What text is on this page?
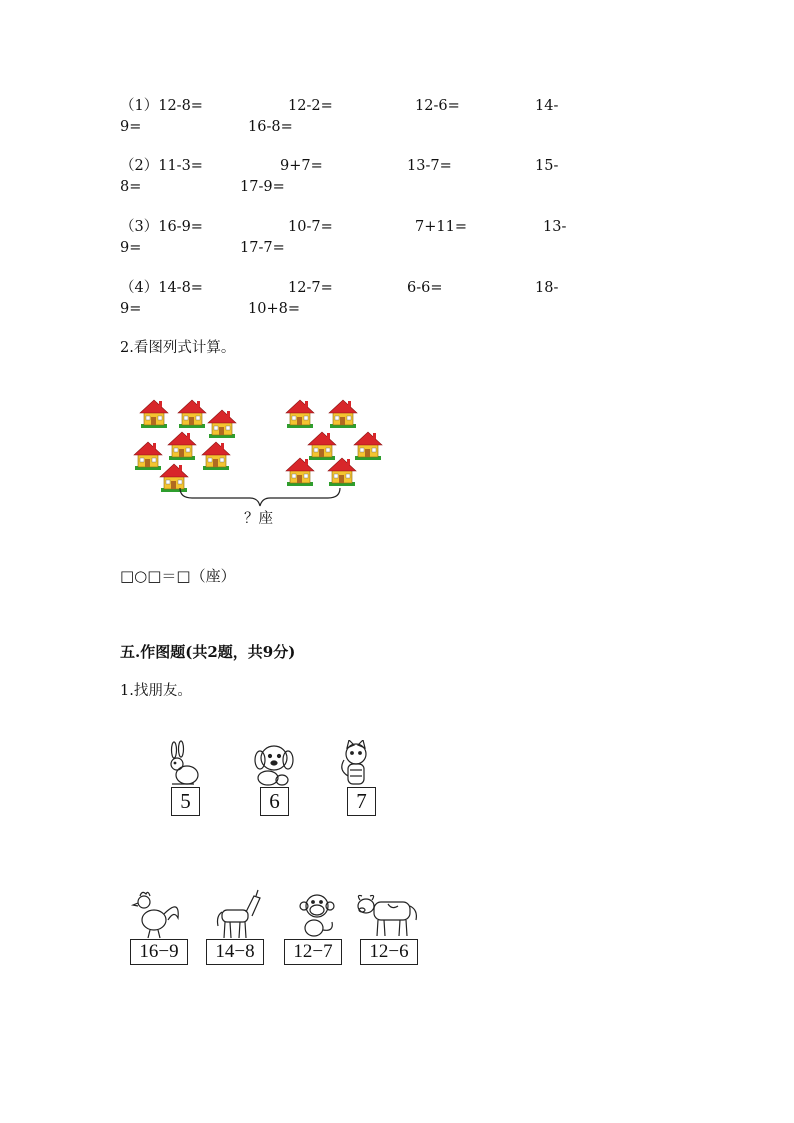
（1）12-8=	12-2=	12-6=	14-
9=	16-8=
（2）11-3=	9+7=	13-7=	15-
8=	17-9=
（3）16-9=	10-7=	7+11=	13-
9=	17-7=
（4）14-8=	12-7=	6-6=	18-
9=	10+8=
2.看图列式计算。
？座
□○□＝□（座）
五.作图题(共2题，共9分)
1.找朋友。
5	6	7
16−9	14−8	12−7	12−6
